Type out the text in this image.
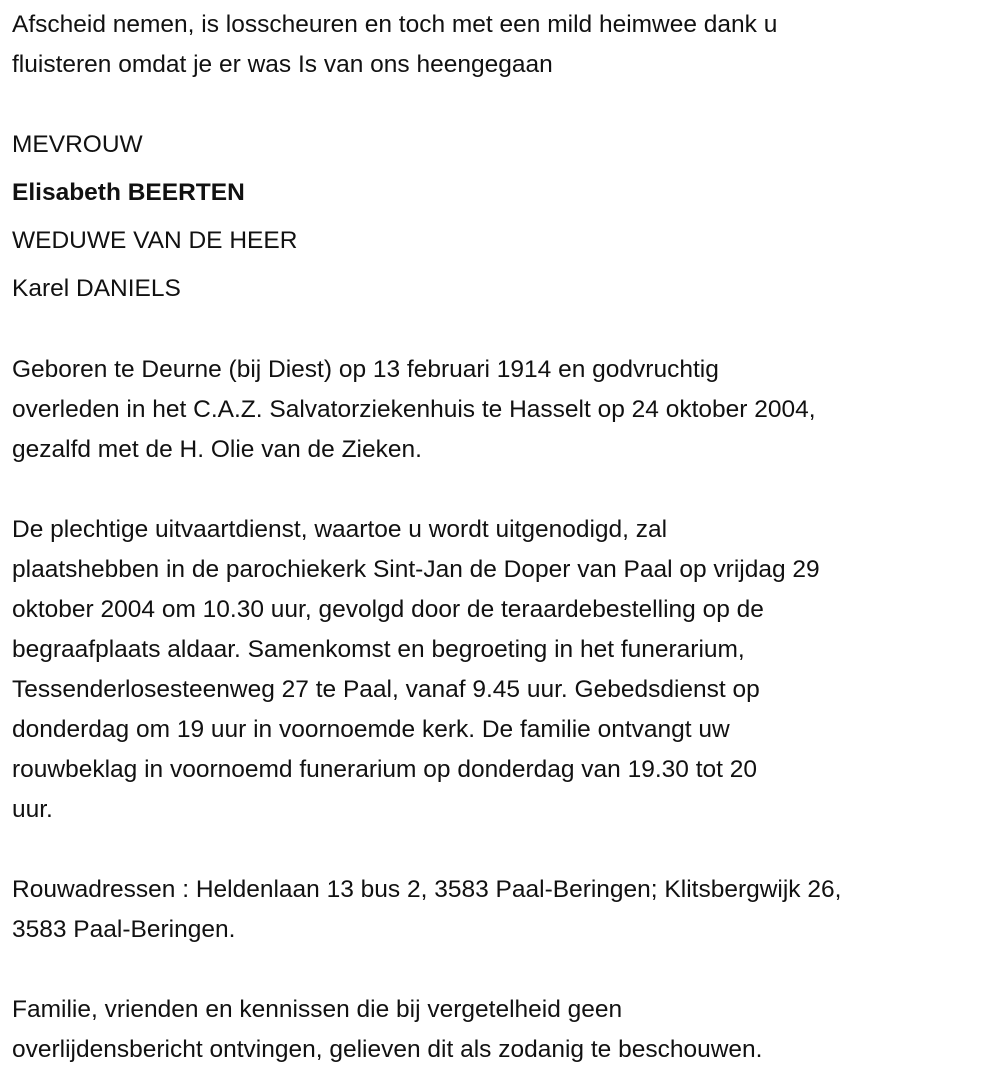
Afscheid nemen, is losscheuren en toch met een mild heimwee dank u
fluisteren omdat je er was Is van ons heengegaan
MEVROUW
Elisabeth BEERTEN
WEDUWE VAN DE HEER
Karel DANIELS
Geboren te Deurne (bij Diest) op 13 februari 1914 en godvruchtig
overleden in het C.A.Z. Salvatorziekenhuis te Hasselt op 24 oktober 2004,
gezalfd met de H. Olie van de Zieken.
De plechtige uitvaartdienst, waartoe u wordt uitgenodigd, zal
plaatshebben in de parochiekerk Sint-Jan de Doper van Paal op vrijdag 29
oktober 2004 om 10.30 uur, gevolgd door de teraardebestelling op de
begraafplaats aldaar. Samenkomst en begroeting in het funerarium,
Tessenderlosesteenweg 27 te Paal, vanaf 9.45 uur. Gebedsdienst op
donderdag om 19 uur in voornoemde kerk. De familie ontvangt uw
rouwbeklag in voornoemd funerarium op donderdag van 19.30 tot 20
uur.
Rouwadressen : Heldenlaan 13 bus 2, 3583 Paal-Beringen; Klitsbergwijk 26,
3583 Paal-Beringen.
Familie, vrienden en kennissen die bij vergetelheid geen
overlijdensbericht ontvingen, gelieven dit als zodanig te beschouwen.
